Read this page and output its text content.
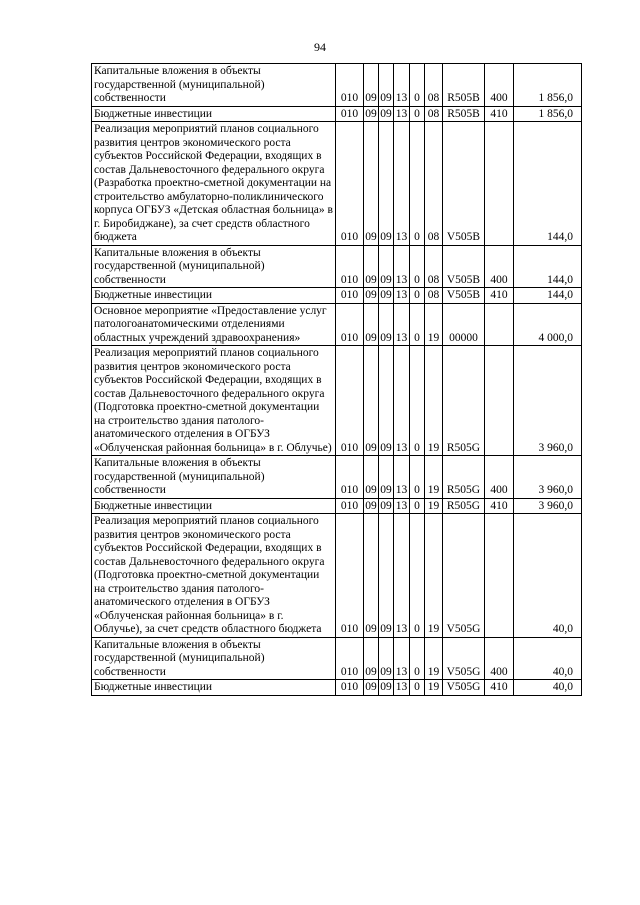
94
Капитальные вложения в объекты государственной (муниципальной) собственности	010	09	09	13	0	08	R505B	400	1 856,0
Бюджетные инвестиции	010	09	09	13	0	08	R505B	410	1 856,0
Реализация мероприятий планов социального развития центров экономического роста субъектов Российской Федерации, входящих в состав Дальневосточного федерального округа (Разработка проектно-сметной документации на строительство амбулаторно-поликлинического корпуса ОГБУЗ «Детская областная больница» в г. Биробиджане), за счет средств областного бюджета	010	09	09	13	0	08	V505B		144,0
Капитальные вложения в объекты государственной (муниципальной) собственности	010	09	09	13	0	08	V505B	400	144,0
Бюджетные инвестиции	010	09	09	13	0	08	V505B	410	144,0
Основное мероприятие «Предоставление услуг патологоанатомическими отделениями областных учреждений здравоохранения»	010	09	09	13	0	19	00000		4 000,0
Реализация мероприятий планов социального развития центров экономического роста субъектов Российской Федерации, входящих в состав Дальневосточного федерального округа (Подготовка проектно-сметной документации на строительство здания патолого-анатомического отделения в ОГБУЗ «Облученская районная больница» в г. Облучье)	010	09	09	13	0	19	R505G		3 960,0
Капитальные вложения в объекты государственной (муниципальной) собственности	010	09	09	13	0	19	R505G	400	3 960,0
Бюджетные инвестиции	010	09	09	13	0	19	R505G	410	3 960,0
Реализация мероприятий планов социального развития центров экономического роста субъектов Российской Федерации, входящих в состав Дальневосточного федерального округа (Подготовка проектно-сметной документации на строительство здания патолого-анатомического отделения в ОГБУЗ «Облученская районная больница» в г. Облучье), за счет средств областного бюджета	010	09	09	13	0	19	V505G		40,0
Капитальные вложения в объекты государственной (муниципальной) собственности	010	09	09	13	0	19	V505G	400	40,0
Бюджетные инвестиции	010	09	09	13	0	19	V505G	410	40,0
